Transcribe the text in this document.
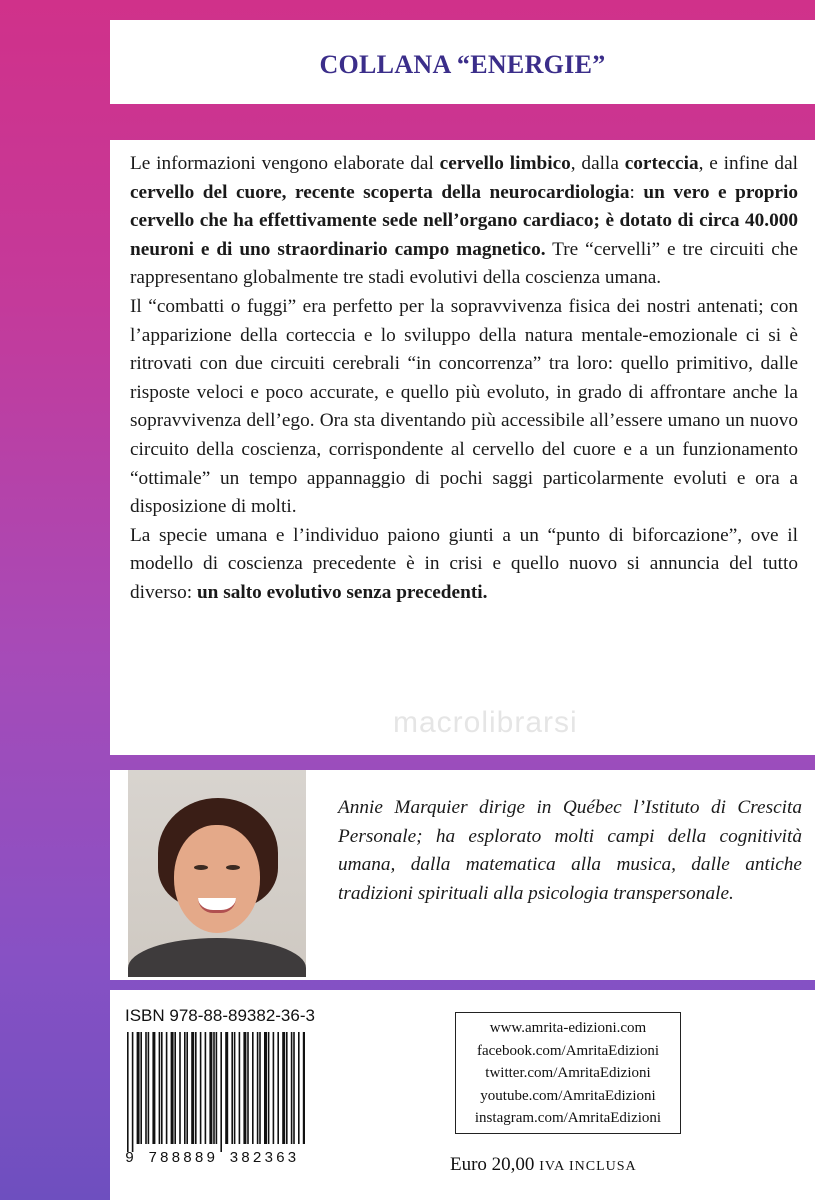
COLLANA “ENERGIE”

Le informazioni vengono elaborate dal cervello limbico, dalla corteccia, e infine dal cervello del cuore, recente scoperta della neurocardiologia: un vero e proprio cervello che ha effettivamente sede nell’organo cardiaco; è dotato di circa 40.000 neuroni e di uno straordinario campo magnetico. Tre “cervelli” e tre circuiti che rappresentano globalmente tre stadi evolutivi della coscienza umana.

Il “combatti o fuggi” era perfetto per la sopravvivenza fisica dei nostri antenati; con l’apparizione della corteccia e lo sviluppo della natura mentale-emozionale ci si è ritrovati con due circuiti cerebrali “in concorrenza” tra loro: quello primitivo, dalle risposte veloci e poco accurate, e quello più evoluto, in grado di affrontare anche la sopravvivenza dell’ego. Ora sta diventando più accessibile all’essere umano un nuovo circuito della coscienza, corrispondente al cervello del cuore e a un funzionamento “ottimale” un tempo appannaggio di pochi saggi particolarmente evoluti e ora a disposizione di molti.

La specie umana e l’individuo paiono giunti a un “punto di biforcazione”, ove il modello di coscienza precedente è in crisi e quello nuovo si annuncia del tutto diverso: un salto evolutivo senza precedenti.

macrolibrarsi
Annie Marquier dirige in Québec l’Istituto di Crescita Personale; ha esplorato molti campi della cognitività umana, dalla matematica alla musica, dalle antiche tradizioni spirituali alla psicologia transpersonale.
ISBN 978-88-89382-36-3
9 788889 382363
www.amrita-edizioni.com
facebook.com/AmritaEdizioni
twitter.com/AmritaEdizioni
youtube.com/AmritaEdizioni
instagram.com/AmritaEdizioni
Euro 20,00 IVA INCLUSA
